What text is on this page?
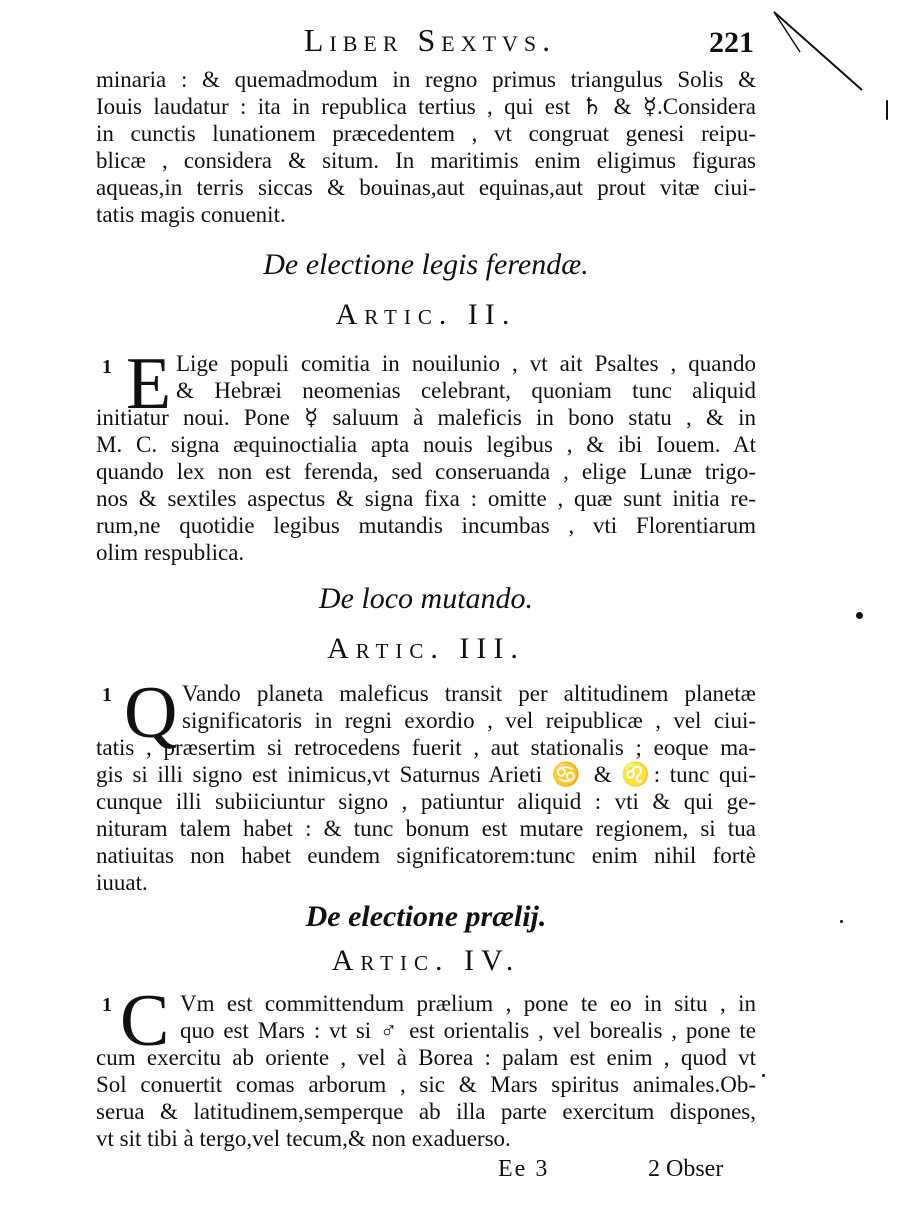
Liber Sextvs.	221
minaria : & quemadmodum in regno primus triangulus Solis &
Iouis laudatur : ita in republica tertius , qui est ♄ & ☿.Considera
in cunctis lunationem præcedentem , vt congruat genesi reipu-
blicæ , considera & situm. In maritimis enim eligimus figuras
aqueas,in terris siccas & bouinas,aut equinas,aut prout vitæ ciui-
tatis magis conuenit.
De electione legis ferendæ.
Artic. II.
1 E Lige populi comitia in nouilunio , vt ait Psaltes , quando
& Hebræi neomenias celebrant, quoniam tunc aliquid
initiatur noui. Pone ☿ saluum à maleficis in bono statu , & in
M. C. signa æquinoctialia apta nouis legibus , & ibi Iouem. At
quando lex non est ferenda, sed conseruanda , elige Lunæ trigo-
nos & sextiles aspectus & signa fixa : omitte , quæ sunt initia re-
rum,ne quotidie legibus mutandis incumbas , vti Florentiarum
olim respublica.
De loco mutando.
Artic. III.
1 Q Vando planeta maleficus transit per altitudinem planetæ
significatoris in regni exordio , vel reipublicæ , vel ciui-
tatis , præsertim si retrocedens fuerit , aut stationalis ; eoque ma-
gis si illi signo est inimicus,vt Saturnus Arieti ♋ & ♌: tunc qui-
cunque illi subiiciuntur signo , patiuntur aliquid : vti & qui ge-
nituram talem habet : & tunc bonum est mutare regionem, si tua
natiuitas non habet eundem significatorem:tunc enim nihil fortè
iuuat.
De electione prælij.
Artic. IV.
1 C Vm est committendum prælium , pone te eo in situ , in
quo est Mars : vt si ♂ est orientalis , vel borealis , pone te
cum exercitu ab oriente , vel à Borea : palam est enim , quod vt
Sol conuertit comas arborum , sic & Mars spiritus animales.Ob-
serua & latitudinem,semperque ab illa parte exercitum dispones,
vt sit tibi à tergo,vel tecum,& non exaduerso.
Ee 3	2 Obser
